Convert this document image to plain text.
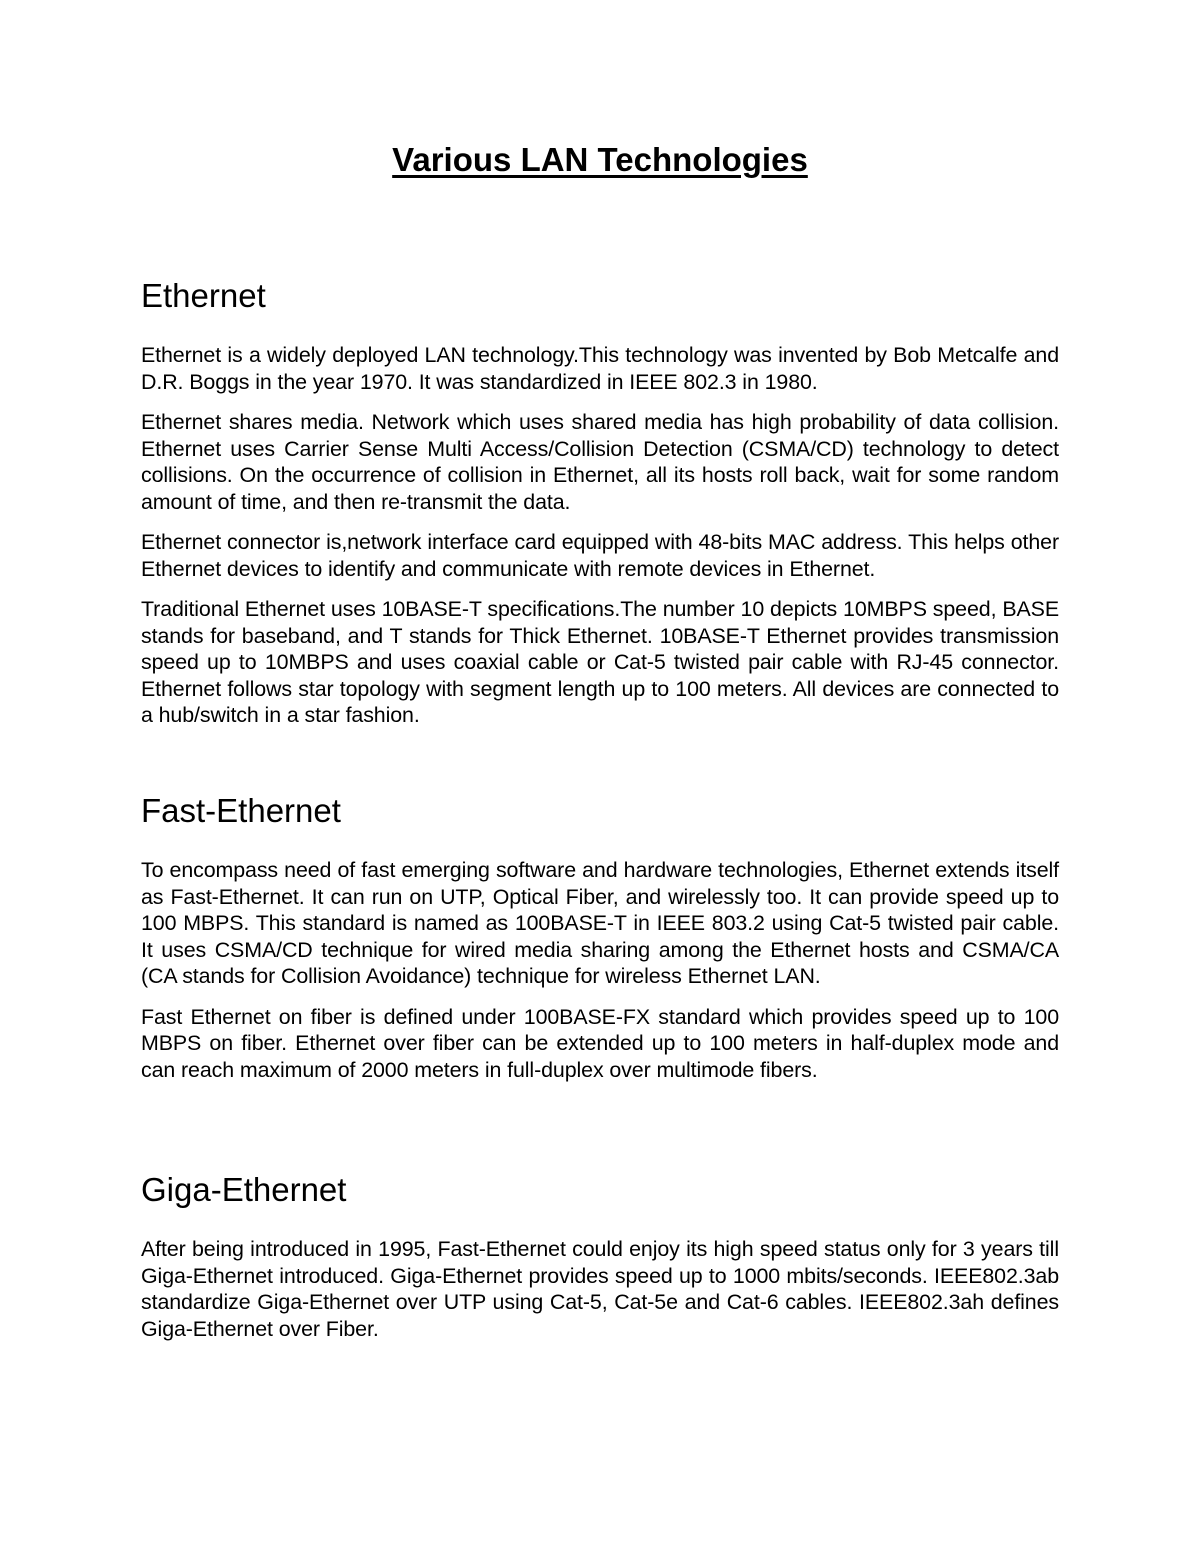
Various LAN Technologies
Ethernet

Ethernet is a widely deployed LAN technology.This technology was invented by Bob Metcalfe and D.R. Boggs in the year 1970. It was standardized in IEEE 802.3 in 1980.

Ethernet shares media. Network which uses shared media has high probability of data collision. Ethernet uses Carrier Sense Multi Access/Collision Detection (CSMA/CD) technology to detect collisions. On the occurrence of collision in Ethernet, all its hosts roll back, wait for some random amount of time, and then re-transmit the data.

Ethernet connector is,network interface card equipped with 48-bits MAC address. This helps other Ethernet devices to identify and communicate with remote devices in Ethernet.

Traditional Ethernet uses 10BASE-T specifications.The number 10 depicts 10MBPS speed, BASE stands for baseband, and T stands for Thick Ethernet. 10BASE-T Ethernet provides transmission speed up to 10MBPS and uses coaxial cable or Cat-5 twisted pair cable with RJ-45 connector. Ethernet follows star topology with segment length up to 100 meters. All devices are connected to a hub/switch in a star fashion.

Fast-Ethernet

To encompass need of fast emerging software and hardware technologies, Ethernet extends itself as Fast-Ethernet. It can run on UTP, Optical Fiber, and wirelessly too. It can provide speed up to 100 MBPS. This standard is named as 100BASE-T in IEEE 803.2 using Cat-5 twisted pair cable. It uses CSMA/CD technique for wired media sharing among the Ethernet hosts and CSMA/CA (CA stands for Collision Avoidance) technique for wireless Ethernet LAN.

Fast Ethernet on fiber is defined under 100BASE-FX standard which provides speed up to 100 MBPS on fiber. Ethernet over fiber can be extended up to 100 meters in half-duplex mode and can reach maximum of 2000 meters in full-duplex over multimode fibers.

Giga-Ethernet

After being introduced in 1995, Fast-Ethernet could enjoy its high speed status only for 3 years till Giga-Ethernet introduced. Giga-Ethernet provides speed up to 1000 mbits/seconds. IEEE802.3ab standardize Giga-Ethernet over UTP using Cat-5, Cat-5e and Cat-6 cables. IEEE802.3ah defines Giga-Ethernet over Fiber.
